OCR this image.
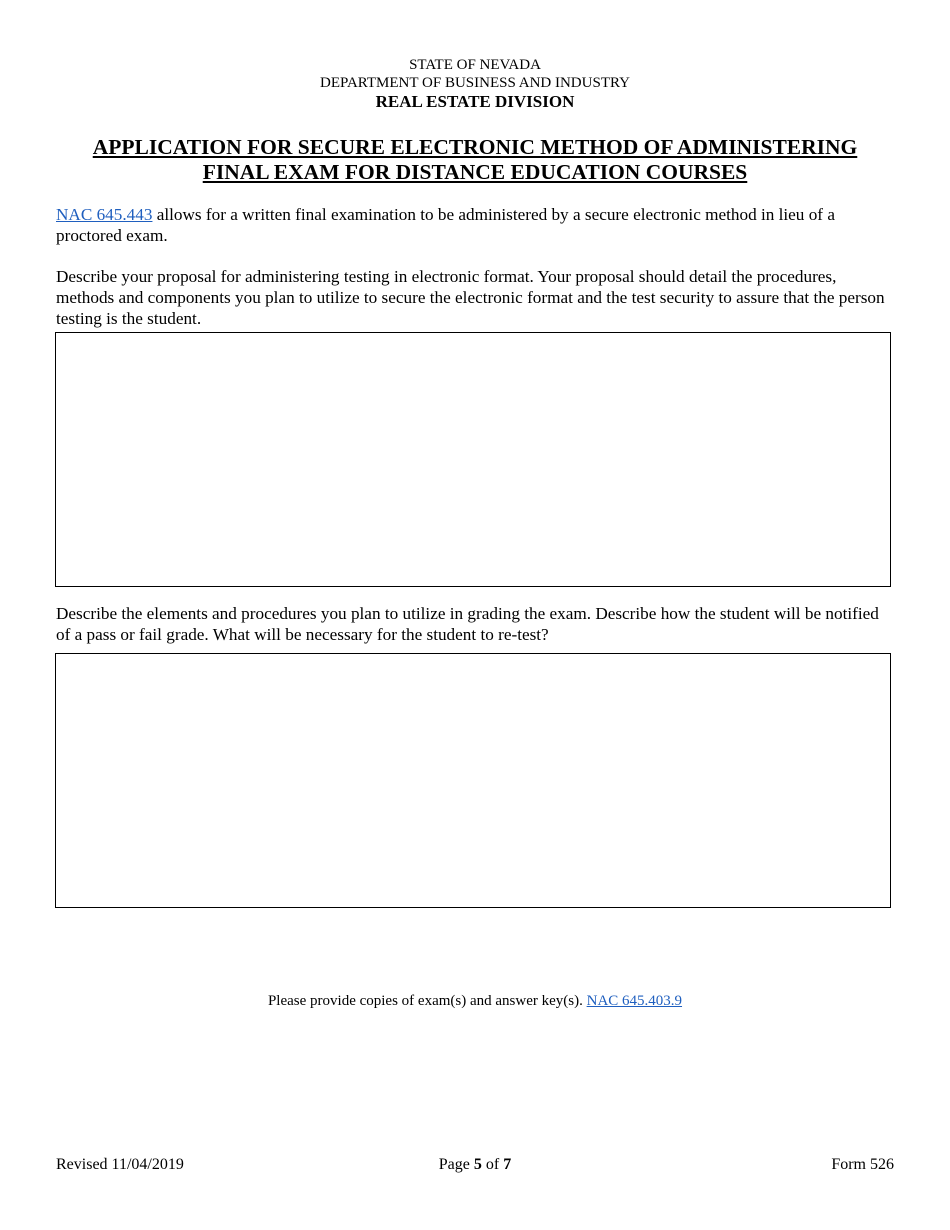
STATE OF NEVADA
DEPARTMENT OF BUSINESS AND INDUSTRY
REAL ESTATE DIVISION
APPLICATION FOR SECURE ELECTRONIC METHOD OF ADMINISTERING
FINAL EXAM FOR DISTANCE EDUCATION COURSES
NAC 645.443 allows for a written final examination to be administered by a secure electronic method in lieu of a proctored exam.
Describe your proposal for administering testing in electronic format. Your proposal should detail the procedures, methods and components you plan to utilize to secure the electronic format and the test security to assure that the person testing is the student.
Describe the elements and procedures you plan to utilize in grading the exam. Describe how the student will be notified of a pass or fail grade. What will be necessary for the student to re-test?
Please provide copies of exam(s) and answer key(s). NAC 645.403.9
Revised 11/04/2019	Page 5 of 7	Form 526
